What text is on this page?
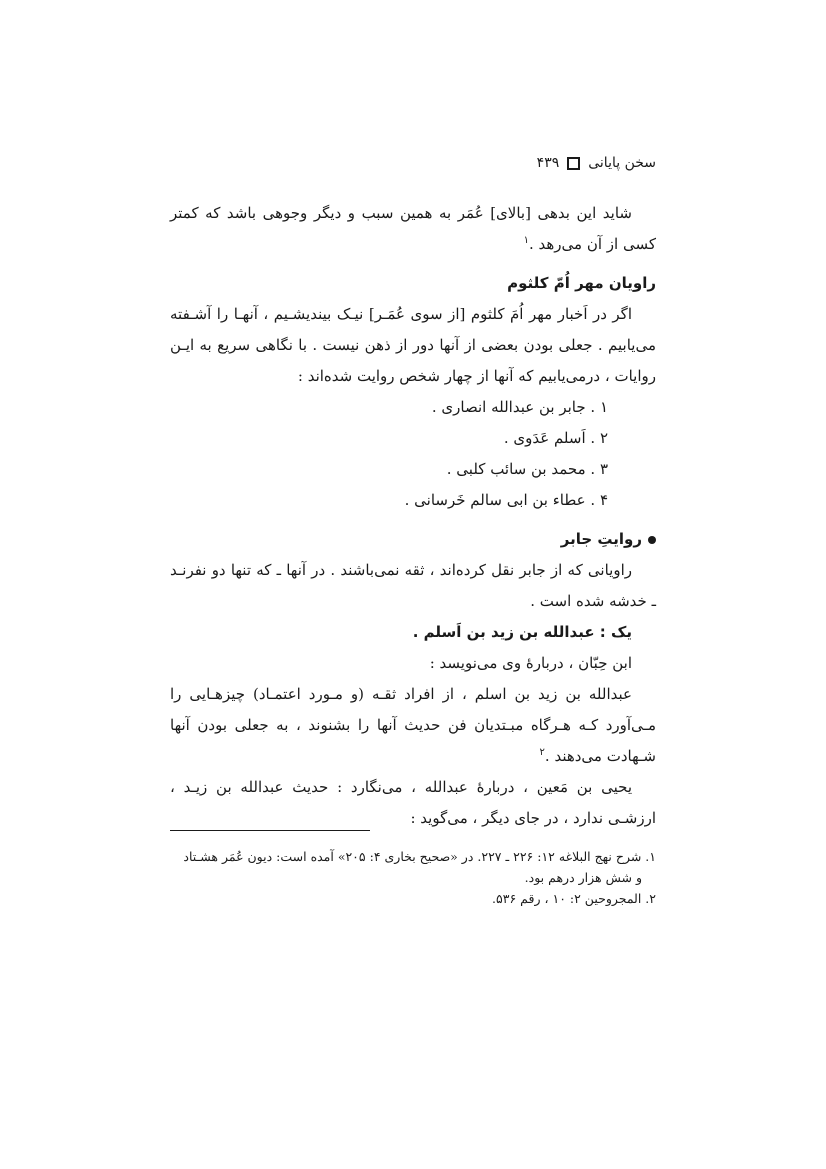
سخن پایانی
۴۳۹

شاید این بدهی [بالای] عُمَر به همین سبب و دیگر وجوهی باشد که کمتر کسی از آن می‌رهد .$^۱$

راویان مهر اُمّ کلثوم

اگر در اَخبار مهر اُمَ کلثوم [از سوی عُمَـر] نیـک بیندیشـیم ، آنهـا را آشـفته می‌یابیم . جعلی بودن بعضی از آنها دور از ذهن نیست . با نگاهی سریع به ایـن روایات ، درمی‌یابیم که آنها از چهار شخص روایت شده‌اند :

۱ . جابر بن عبدالله انصاری .
۲ . اَسلم عَدَوی .
۳ . محمد بن سائب کلبی .
۴ . عطاء بن ابی سالم خَرسانی .
روایتِ جابر

راویانی که از جابر نقل کرده‌اند ، ثقه نمی‌باشند . در آنها ـ که تنها دو نفرنـد ـ خدشه شده است .

یک : عبدالله بن زید بن اَسلم .

ابن حِبّان ، دربارهٔ وی می‌نویسد :

عبدالله بن زید بن اسلم ، از افراد ثقـه (و مـورد اعتمـاد) چیزهـایی را مـی‌آورد کـه هـرگاه مبـتدیان فن حدیث آنها را بشنوند ، به جعلی بودن آنها شـهادت می‌دهند .$^۲$

یحیی بن مَعین ، دربارهٔ عبدالله ، می‌نگارد : حدیث عبدالله بن زیـد ، ارزشـی ندارد ، در جای دیگر ، می‌گوید :

۱. شرح نهج البلاغه ۱۲: ۲۲۶ ـ ۲۲۷. در «صحیح بخاری ۴: ۲۰۵» آمده است: دیون عُمَر هشـتاد

و شش هزار درهم بود.

۲. المجروحین ۲: ۱۰ ، رقم ۵۳۶.
